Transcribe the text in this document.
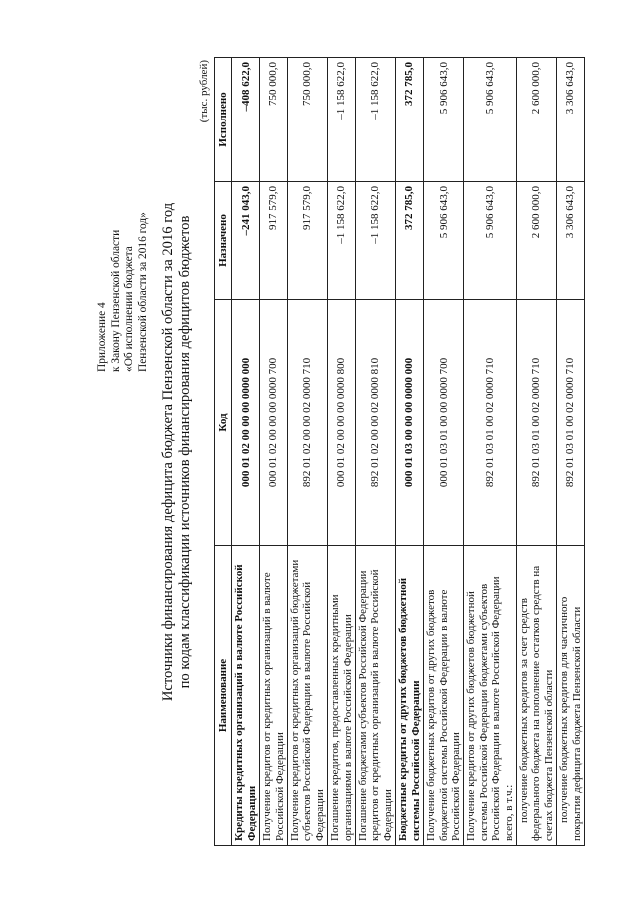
Приложение 4 к Закону Пензенской области «Об исполнении бюджета Пензенской области за 2016 год» Источники финансирования дефицита бюджета Пензенской области за 2016 год по кодам классификации источников финансирования дефицитов бюджетов
(тыс. рублей)
Наименование	Код	Назначено	Исполнено
Кредиты кредитных организаций в валюте Российской Федерации	000 01 02 00 00 00 0000 000	–241 043,0	–408 622,0
Получение кредитов от кредитных организаций в валюте Российской Федерации	000 01 02 00 00 00 0000 700	917 579,0	750 000,0
Получение кредитов от кредитных организаций бюджетами субъектов Российской Федерации в валюте Российской Федерации	892 01 02 00 00 02 0000 710	917 579,0	750 000,0
Погашение кредитов, предоставленных кредитными организациями в валюте Российской Федерации	000 01 02 00 00 00 0000 800	–1 158 622,0	–1 158 622,0
Погашение бюджетами субъектов Российской Федерации кредитов от кредитных организаций в валюте Российской Федерации	892 01 02 00 00 02 0000 810	–1 158 622,0	–1 158 622,0
Бюджетные кредиты от других бюджетов бюджетной системы Российской Федерации	000 01 03 00 00 00 0000 000	372 785,0	372 785,0
Получение бюджетных кредитов от других бюджетов бюджетной системы Российской Федерации в валюте Российской Федерации	000 01 03 01 00 00 0000 700	5 906 643,0	5 906 643,0
Получение кредитов от других бюджетов бюджетной системы Российской Федерации бюджетами субъектов Российской Федерации в валюте Российской Федерации всего, в т.ч.:	892 01 03 01 00 02 0000 710	5 906 643,0	5 906 643,0
получение бюджетных кредитов за счет средств федерального бюджета на пополнение остатков средств на счетах бюджета Пензенской области	892 01 03 01 00 02 0000 710	2 600 000,0	2 600 000,0
получение бюджетных кредитов для частичного покрытия дефицита бюджета Пензенской области	892 01 03 01 00 02 0000 710	3 306 643,0	3 306 643,0
